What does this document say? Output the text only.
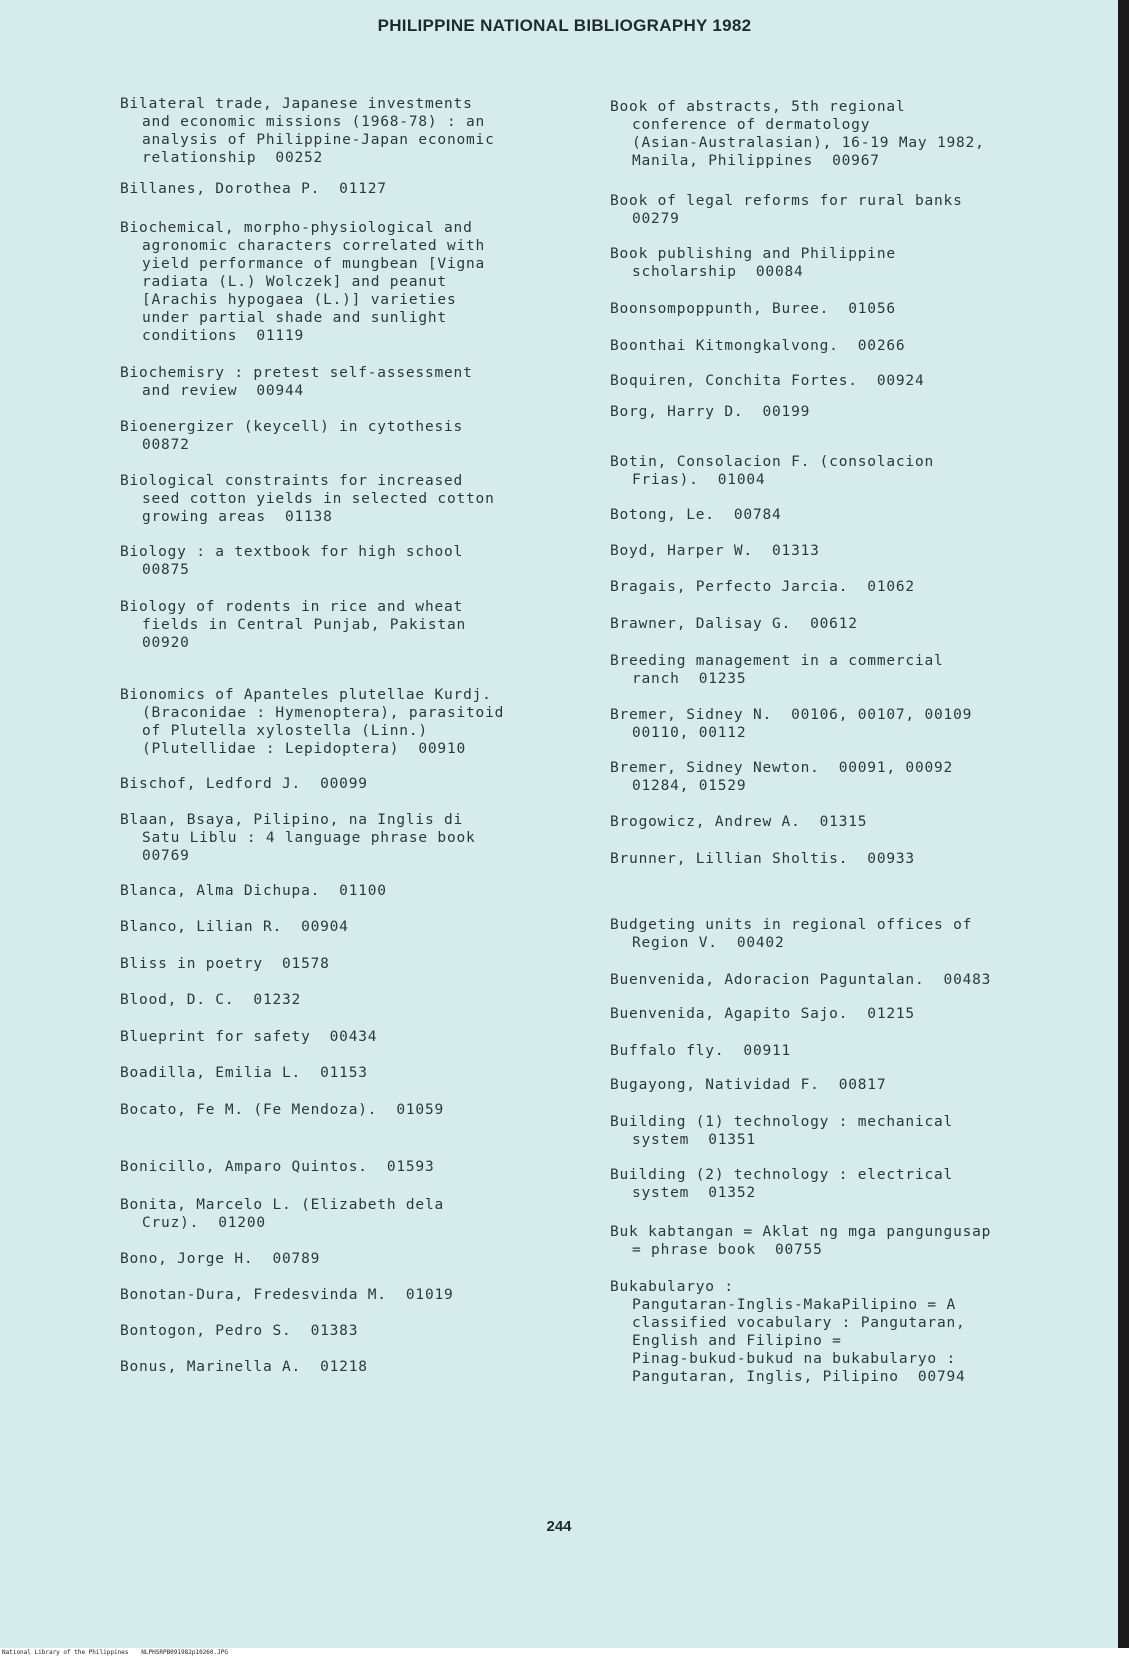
PHILIPPINE NATIONAL BIBLIOGRAPHY 1982
Bilateral trade, Japanese investments
and economic missions (1968-78) : an
analysis of Philippine-Japan economic
relationship  00252
Billanes, Dorothea P.  01127
Biochemical, morpho-physiological and
agronomic characters correlated with
yield performance of mungbean [Vigna
radiata (L.) Wolczek] and peanut
[Arachis hypogaea (L.)] varieties
under partial shade and sunlight
conditions  01119
Biochemisry : pretest self-assessment
and review  00944
Bioenergizer (keycell) in cytothesis
00872
Biological constraints for increased
seed cotton yields in selected cotton
growing areas  01138
Biology : a textbook for high school
00875
Biology of rodents in rice and wheat
fields in Central Punjab, Pakistan
00920
Bionomics of Apanteles plutellae Kurdj.
(Braconidae : Hymenoptera), parasitoid
of Plutella xylostella (Linn.)
(Plutellidae : Lepidoptera)  00910
Bischof, Ledford J.  00099
Blaan, Bsaya, Pilipino, na Inglis di
Satu Liblu : 4 language phrase book
00769
Blanca, Alma Dichupa.  01100
Blanco, Lilian R.  00904
Bliss in poetry  01578
Blood, D. C.  01232
Blueprint for safety  00434
Boadilla, Emilia L.  01153
Bocato, Fe M. (Fe Mendoza).  01059
Bonicillo, Amparo Quintos.  01593
Bonita, Marcelo L. (Elizabeth dela
Cruz).  01200
Bono, Jorge H.  00789
Bonotan-Dura, Fredesvinda M.  01019
Bontogon, Pedro S.  01383
Bonus, Marinella A.  01218
Book of abstracts, 5th regional
conference of dermatology
(Asian-Australasian), 16-19 May 1982,
Manila, Philippines  00967
Book of legal reforms for rural banks
00279
Book publishing and Philippine
scholarship  00084
Boonsompoppunth, Buree.  01056
Boonthai Kitmongkalvong.  00266
Boquiren, Conchita Fortes.  00924
Borg, Harry D.  00199
Botin, Consolacion F. (consolacion
Frias).  01004
Botong, Le.  00784
Boyd, Harper W.  01313
Bragais, Perfecto Jarcia.  01062
Brawner, Dalisay G.  00612
Breeding management in a commercial
ranch  01235
Bremer, Sidney N.  00106, 00107, 00109
00110, 00112
Bremer, Sidney Newton.  00091, 00092
01284, 01529
Brogowicz, Andrew A.  01315
Brunner, Lillian Sholtis.  00933
Budgeting units in regional offices of
Region V.  00402
Buenvenida, Adoracion Paguntalan.  00483
Buenvenida, Agapito Sajo.  01215
Buffalo fly.  00911
Bugayong, Natividad F.  00817
Building (1) technology : mechanical
system  01351
Building (2) technology : electrical
system  01352
Buk kabtangan = Aklat ng mga pangungusap
= phrase book  00755
Bukabularyo :
Pangutaran-Inglis-MakaPilipino = A
classified vocabulary : Pangutaran,
English and Filipino =
Pinag-bukud-bukud na bukabularyo :
Pangutaran, Inglis, Pilipino  00794
244
National Library of the Philippines NLPHSRPB091982p10260.JPG
